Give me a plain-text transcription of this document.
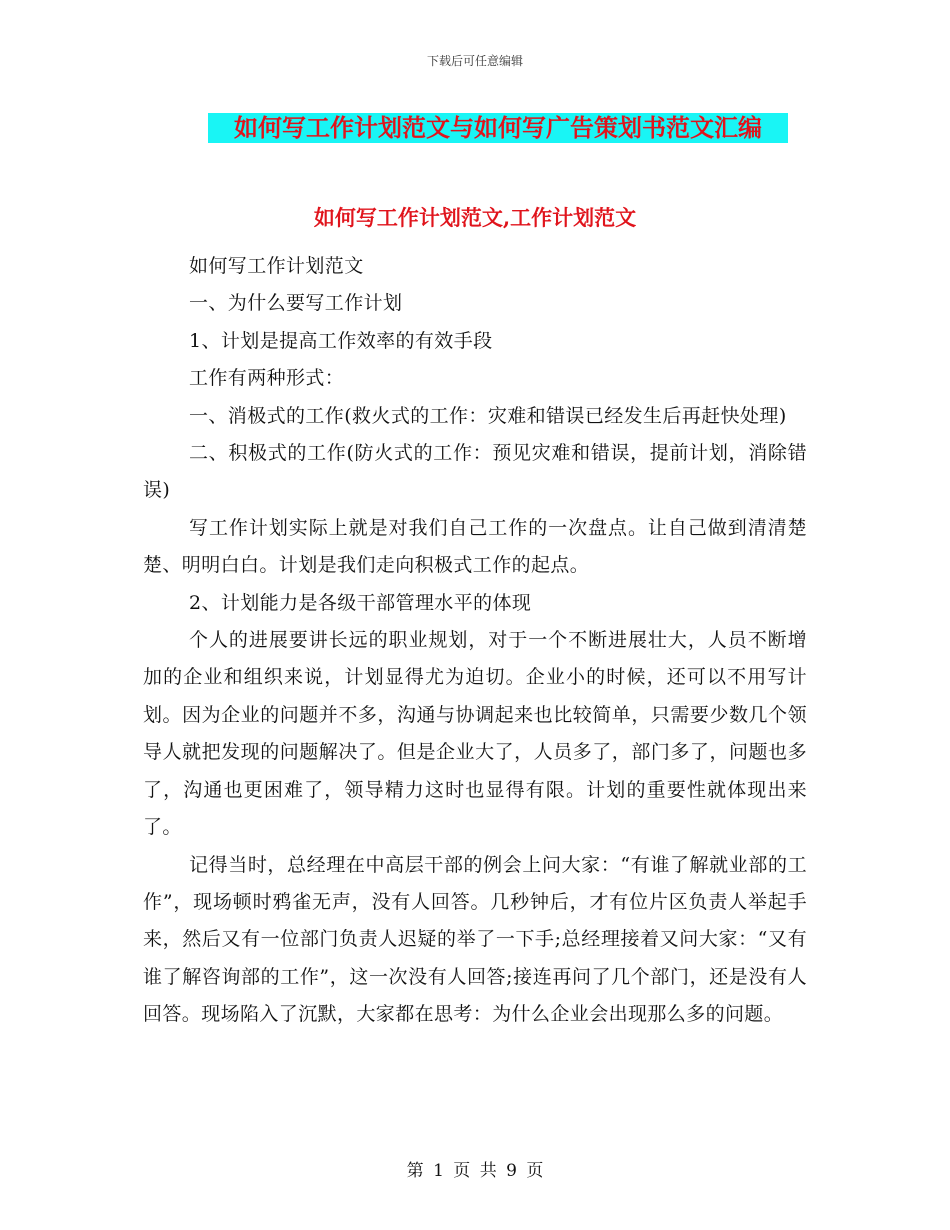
下载后可任意编辑
如何写工作计划范文与如何写广告策划书范文汇编
如何写工作计划范文,工作计划范文

如何写工作计划范文

一、为什么要写工作计划

1、计划是提高工作效率的有效手段

工作有两种形式：

一、消极式的工作(救火式的工作：灾难和错误已经发生后再赶快处理)

二、积极式的工作(防火式的工作：预见灾难和错误，提前计划，消除错误)

写工作计划实际上就是对我们自己工作的一次盘点。让自己做到清清楚楚、明明白白。计划是我们走向积极式工作的起点。

2、计划能力是各级干部管理水平的体现

个人的进展要讲长远的职业规划，对于一个不断进展壮大，人员不断增加的企业和组织来说，计划显得尤为迫切。企业小的时候，还可以不用写计划。因为企业的问题并不多，沟通与协调起来也比较简单，只需要少数几个领导人就把发现的问题解决了。但是企业大了，人员多了，部门多了，问题也多了，沟通也更困难了，领导精力这时也显得有限。计划的重要性就体现出来了。

记得当时，总经理在中高层干部的例会上问大家：“有谁了解就业部的工作”，现场顿时鸦雀无声，没有人回答。几秒钟后，才有位片区负责人举起手来，然后又有一位部门负责人迟疑的举了一下手;总经理接着又问大家：“又有谁了解咨询部的工作”，这一次没有人回答;接连再问了几个部门，还是没有人回答。现场陷入了沉默，大家都在思考：为什么企业会出现那么多的问题。

第 1 页 共 9 页
